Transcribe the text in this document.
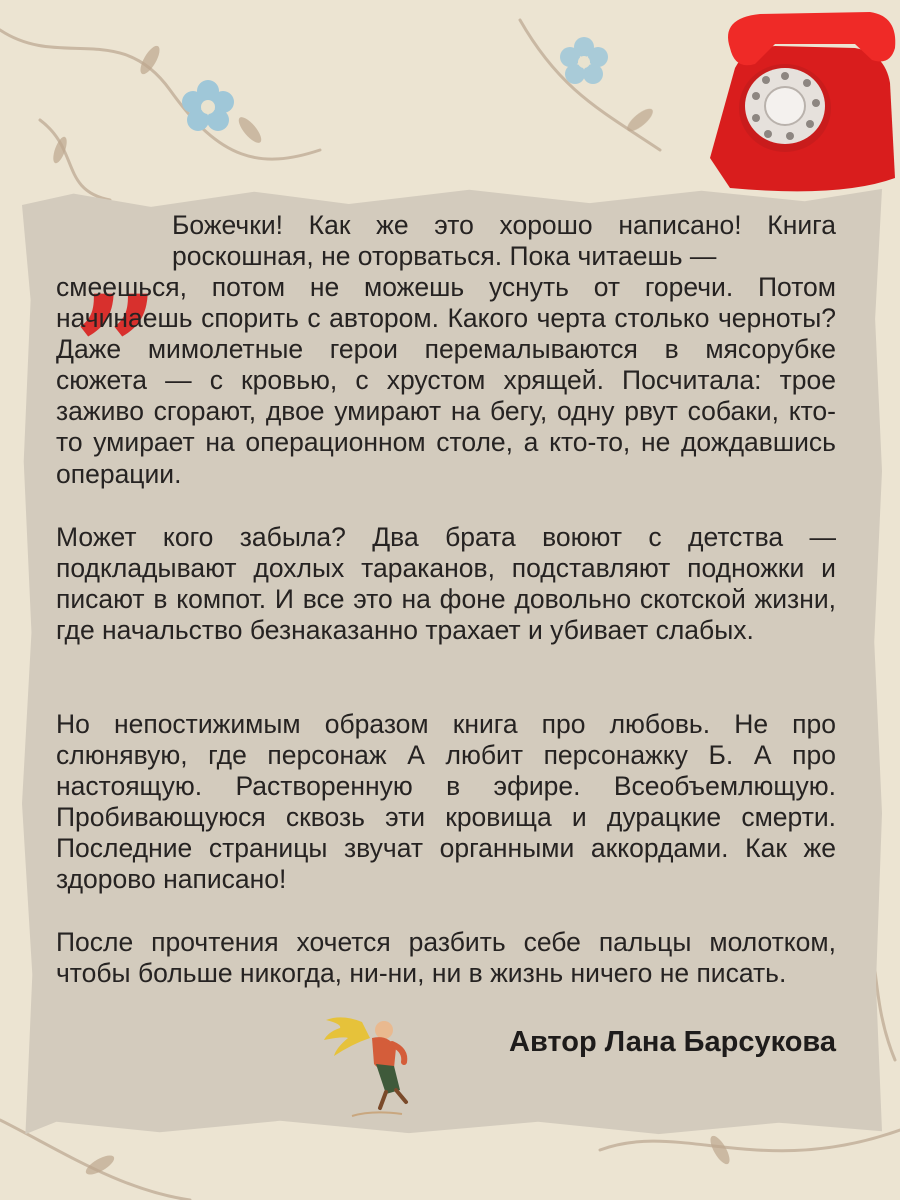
„ Божечки! Как же это хорошо написано! Книга роскошная, не оторваться. Пока читаешь —

смеешься, потом не можешь уснуть от горечи. Потом начинаешь спорить с автором. Какого черта столько черноты? Даже мимолетные герои перемалываются в мясорубке сюжета — с кровью, с хрустом хрящей. Посчитала: трое заживо сгорают, двое умирают на бегу, одну рвут собаки, кто-то умирает на операционном столе, а кто-то, не дождавшись операции.

Может кого забыла? Два брата воюют с детства — подкладывают дохлых тараканов, подставляют подножки и писают в компот. И все это на фоне довольно скотской жизни, где начальство безнаказанно трахает и убивает слабых.

Но непостижимым образом книга про любовь. Не про слюнявую, где персонаж А любит персонажку Б. А про настоящую. Растворенную в эфире. Всеобъемлющую. Пробивающуюся сквозь эти кровища и дурацкие смерти. Последние страницы звучат органными аккордами. Как же здорово написано!

После прочтения хочется разбить себе пальцы молотком, чтобы больше никогда, ни-ни, ни в жизнь ничего не писать.

Автор Лана Барсукова
